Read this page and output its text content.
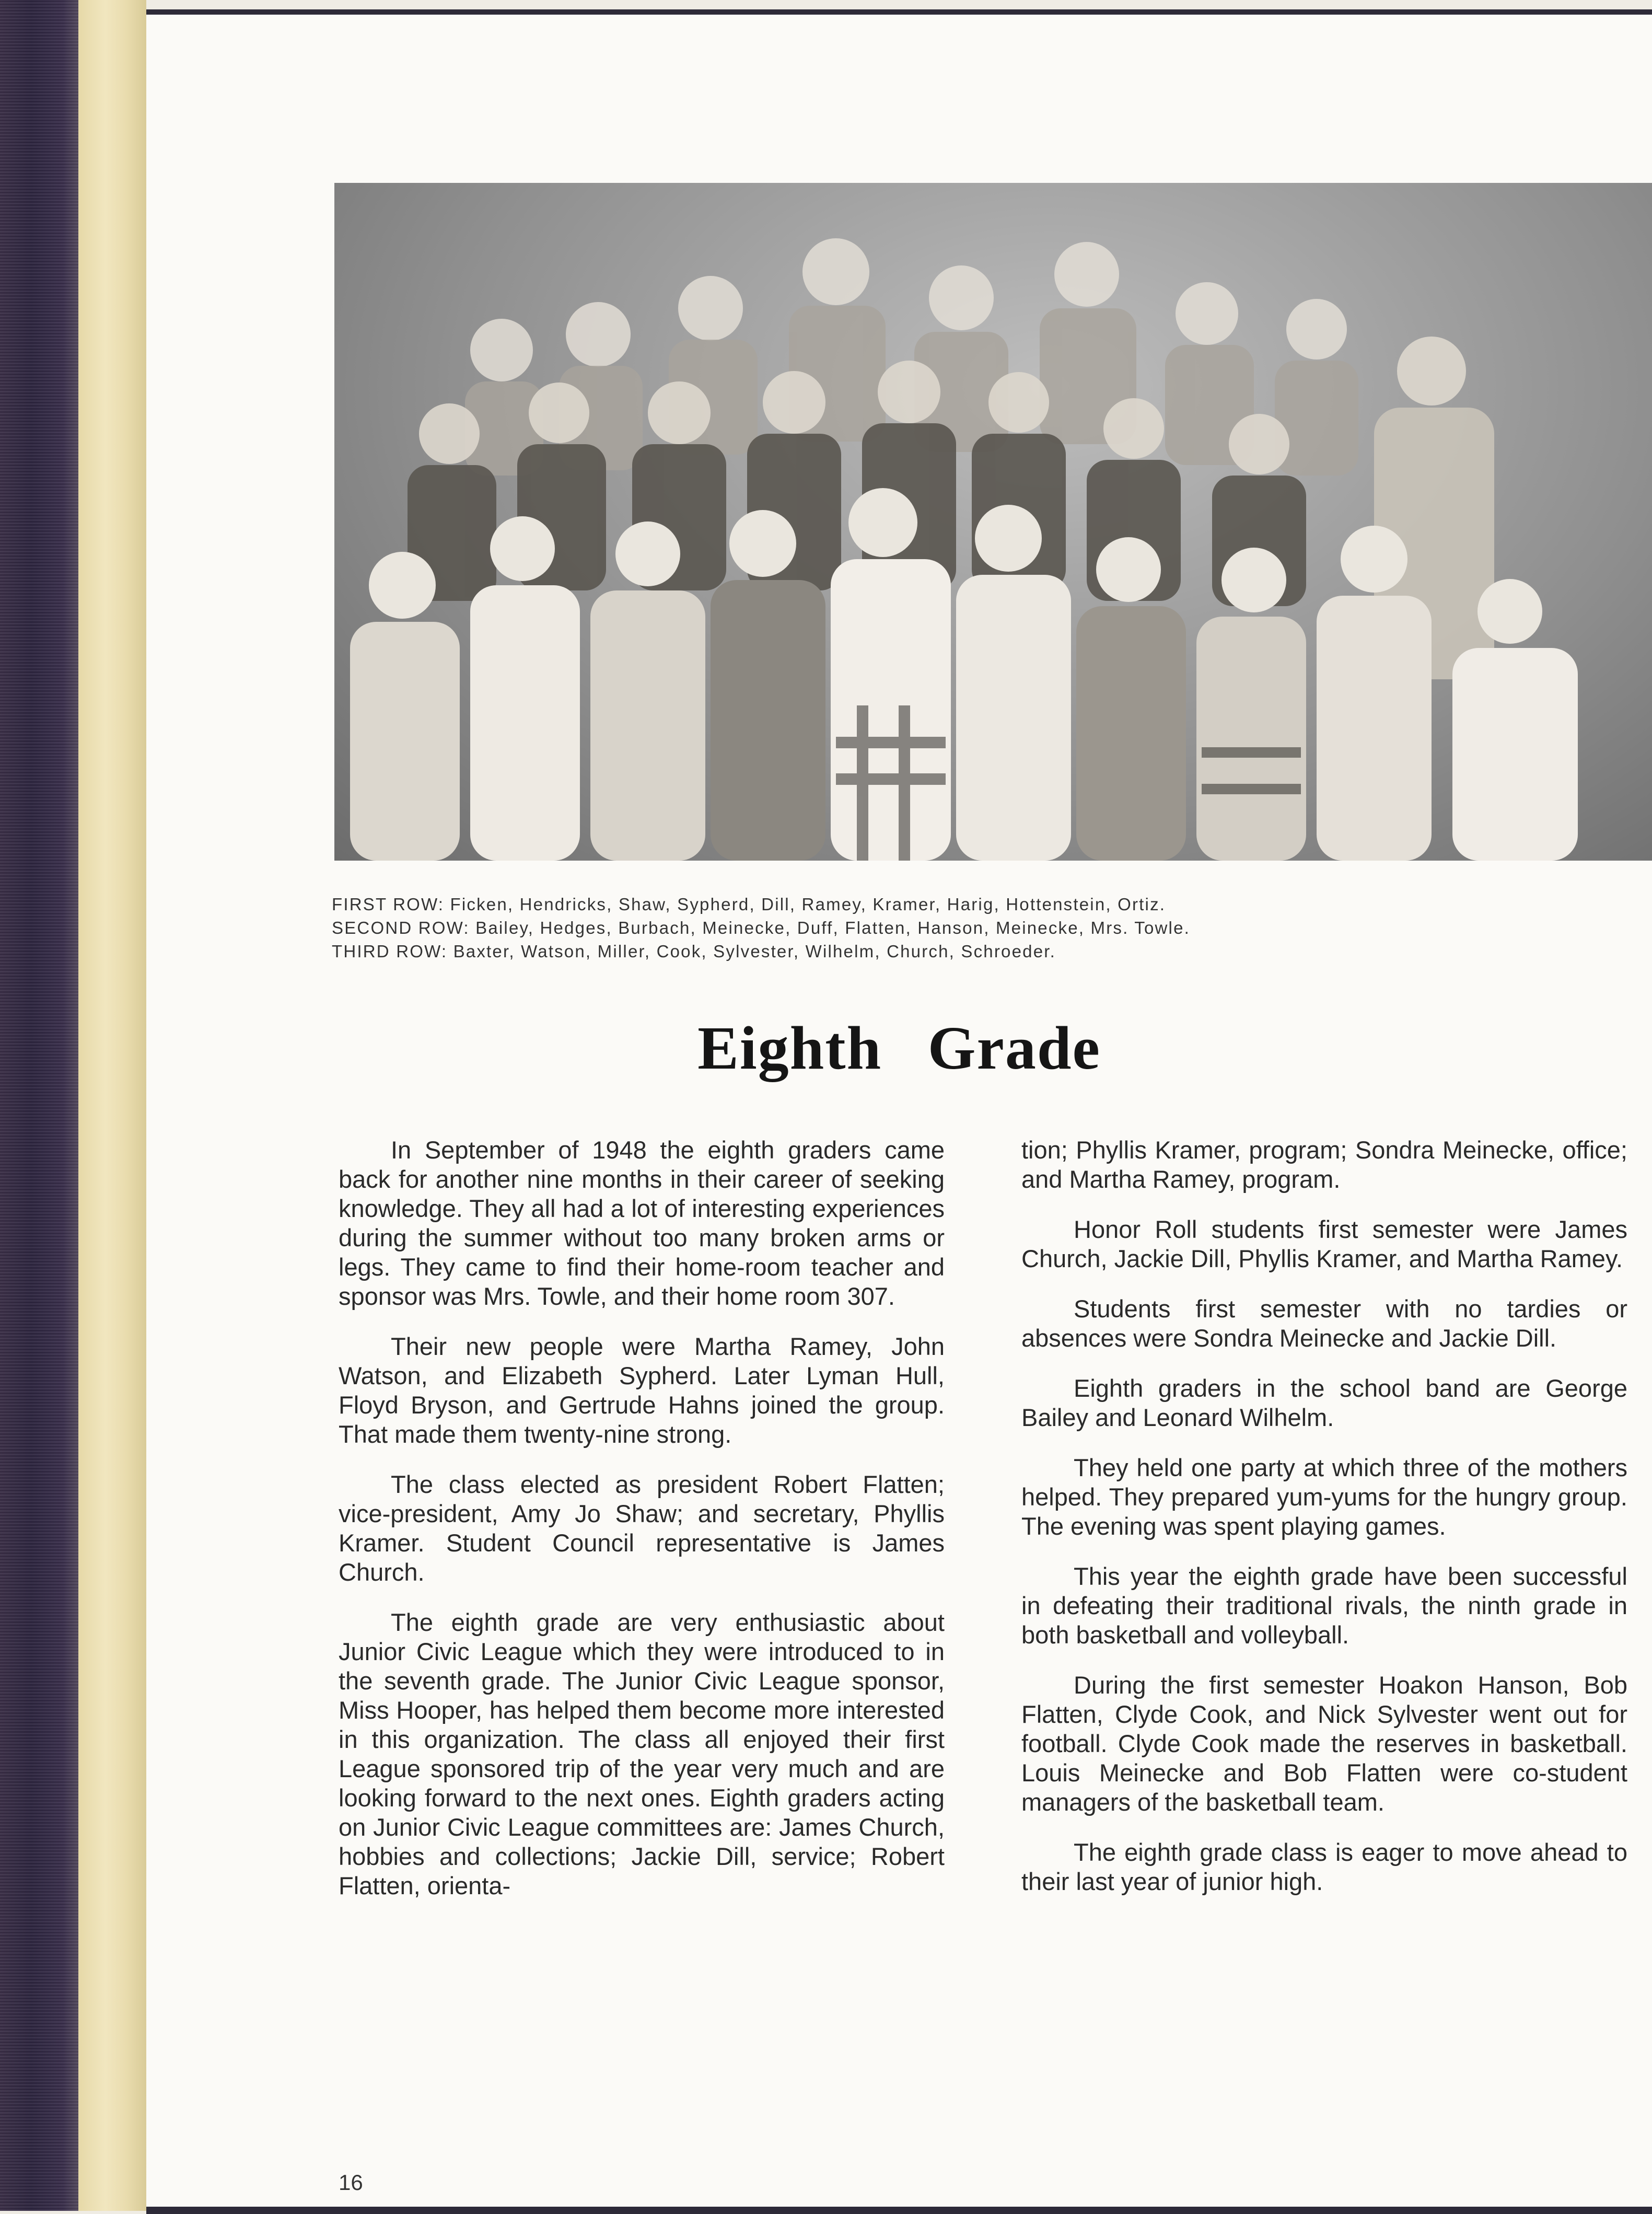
FIRST ROW: Ficken, Hendricks, Shaw, Sypherd, Dill, Ramey, Kramer, Harig, Hottenstein, Ortiz.
SECOND ROW: Bailey, Hedges, Burbach, Meinecke, Duff, Flatten, Hanson, Meinecke, Mrs. Towle.
THIRD ROW: Baxter, Watson, Miller, Cook, Sylvester, Wilhelm, Church, Schroeder.
Eighth Grade

In September of 1948 the eighth graders came back for another nine months in their career of seeking knowledge. They all had a lot of interesting experiences during the summer without too many broken arms or legs. They came to find their home-room teacher and sponsor was Mrs. Towle, and their home room 307.

Their new people were Martha Ramey, John Watson, and Elizabeth Sypherd. Later Lyman Hull, Floyd Bryson, and Gertrude Hahns joined the group. That made them twenty-nine strong.

The class elected as president Robert Flatten; vice-president, Amy Jo Shaw; and secretary, Phyllis Kramer. Student Council representative is James Church.

The eighth grade are very enthusiastic about Junior Civic League which they were introduced to in the seventh grade. The Junior Civic League sponsor, Miss Hooper, has helped them become more interested in this organization. The class all enjoyed their first League sponsored trip of the year very much and are looking forward to the next ones. Eighth graders acting on Junior Civic League committees are: James Church, hobbies and collections; Jackie Dill, service; Robert Flatten, orienta-

tion; Phyllis Kramer, program; Sondra Meinecke, office; and Martha Ramey, program.

Honor Roll students first semester were James Church, Jackie Dill, Phyllis Kramer, and Martha Ramey.

Students first semester with no tardies or absences were Sondra Meinecke and Jackie Dill.

Eighth graders in the school band are George Bailey and Leonard Wilhelm.

They held one party at which three of the mothers helped. They prepared yum-yums for the hungry group. The evening was spent playing games.

This year the eighth grade have been successful in defeating their traditional rivals, the ninth grade in both basketball and volleyball.

During the first semester Hoakon Hanson, Bob Flatten, Clyde Cook, and Nick Sylvester went out for football. Clyde Cook made the reserves in basketball. Louis Meinecke and Bob Flatten were co-student managers of the basketball team.

The eighth grade class is eager to move ahead to their last year of junior high.

16
